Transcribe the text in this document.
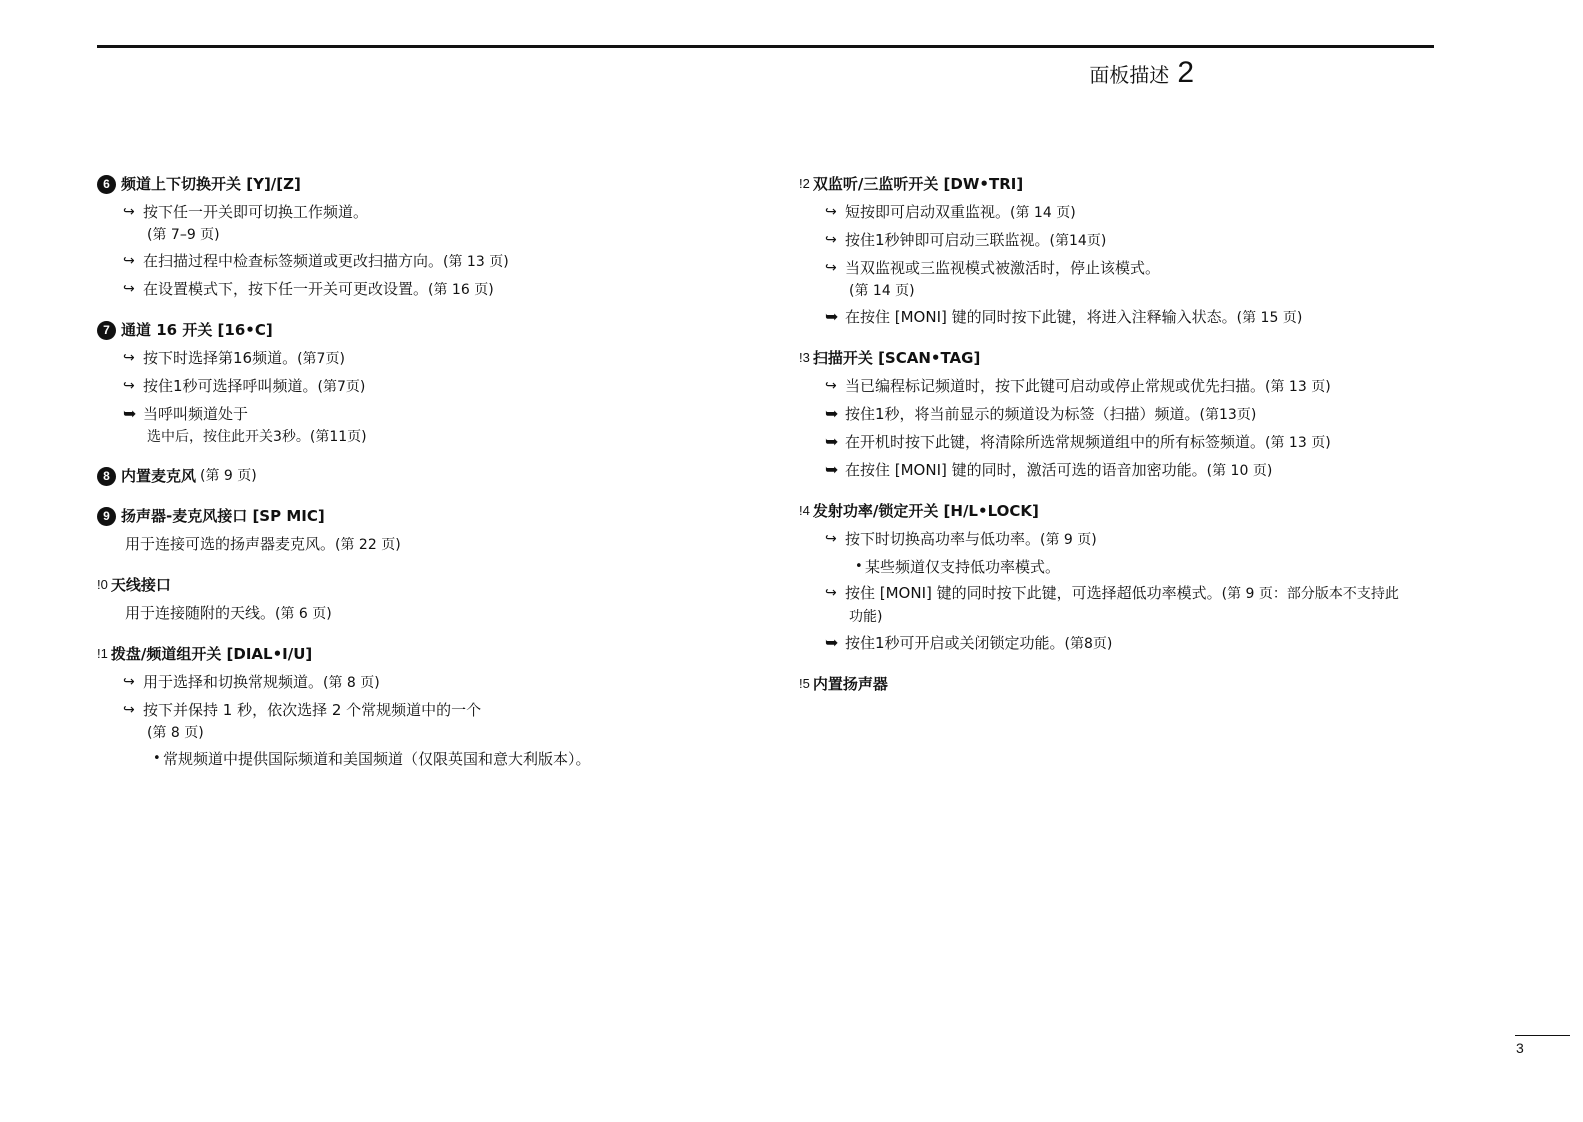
面板描述 2
6 频道上下切换开关 [Y]/[Z]
↪ 按下任一开关即可切换工作频道。
(第 7–9 页)
↪ 在扫描过程中检查标签频道或更改扫描方向。(第 13 页)
↪ 在设置模式下，按下任一开关可更改设置。(第 16 页)
7 通道 16 开关 [16•C]
↪ 按下时选择第16频道。(第7页)
↪ 按住1秒可选择呼叫频道。(第7页)
➥ 当呼叫频道处于
选中后，按住此开关3秒。(第11页)
8 内置麦克风 (第 9 页)
9 扬声器-麦克风接口 [SP MIC]
用于连接可选的扬声器麦克风。(第 22 页)
!0 天线接口
用于连接随附的天线。(第 6 页)
!1 拨盘/频道组开关 [DIAL•I/U]
↪ 用于选择和切换常规频道。(第 8 页)
↪ 按下并保持 1 秒，依次选择 2 个常规频道中的一个
(第 8 页)
• 常规频道中提供国际频道和美国频道（仅限英国和意大利版本）。
!2 双监听/三监听开关 [DW•TRI]
↪ 短按即可启动双重监视。(第 14 页)
↪ 按住1秒钟即可启动三联监视。(第14页)
↪ 当双监视或三监视模式被激活时，停止该模式。
(第 14 页)
➥ 在按住 [MONI] 键的同时按下此键，将进入注释输入状态。(第 15 页)
!3 扫描开关 [SCAN•TAG]
↪ 当已编程标记频道时，按下此键可启动或停止常规或优先扫描。(第 13 页)
➥ 按住1秒，将当前显示的频道设为标签（扫描）频道。(第13页)
➥ 在开机时按下此键，将清除所选常规频道组中的所有标签频道。(第 13 页)
➥ 在按住 [MONI] 键的同时，激活可选的语音加密功能。(第 10 页)
!4 发射功率/锁定开关 [H/L•LOCK]
↪ 按下时切换高功率与低功率。(第 9 页)
• 某些频道仅支持低功率模式。
↪ 按住 [MONI] 键的同时按下此键，可选择超低功率模式。(第 9 页：部分版本不支持此
功能)
➥ 按住1秒可开启或关闭锁定功能。(第8页)
!5 内置扬声器
3
